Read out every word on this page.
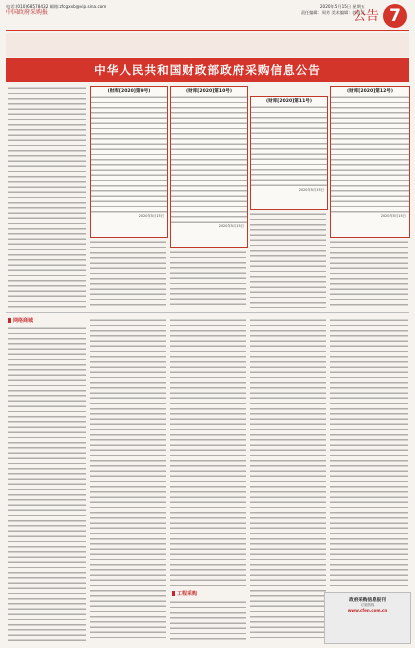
电话:(010)68578432 邮箱:zfcgxxb@vip.sina.com
中国政府采购报
2020年5月15日 星期五
责任编辑：周芳 美术编辑：郭喜喜
公告 7
中华人民共和国财政部政府采购信息公告
(财库[2020]第9号)
2020年5月15日
(财库[2020]第10号)
2020年5月15日
(财库[2020]第11号)
2020年5月15日
(财库[2020]第12号)
2020年5月15日
网络商城
工程采购
政府采购信息报刊
订阅热线
www.cfen.com.cn
